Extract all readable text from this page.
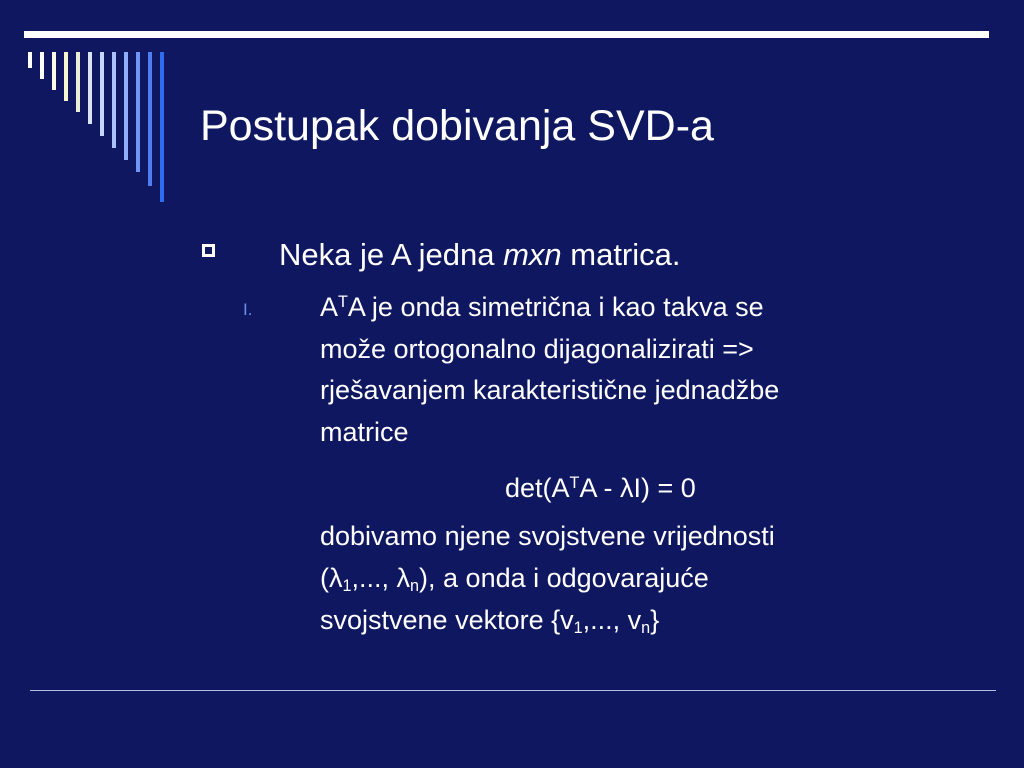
Postupak dobivanja SVD-a
Neka je A jedna mxn matrica.
I.	$A^TA$ je onda simetrična i kao takva se
može ortogonalno dijagonalizirati =>
rješavanjem karakteristične jednadžbe
matrice
$\det(A^TA - \lambda I) = 0$
dobivamo njene svojstvene vrijednosti
($\lambda_1$,..., $\lambda_n$), a onda i odgovarajuće
svojstvene vektore {$v_1$,..., $v_n$}
